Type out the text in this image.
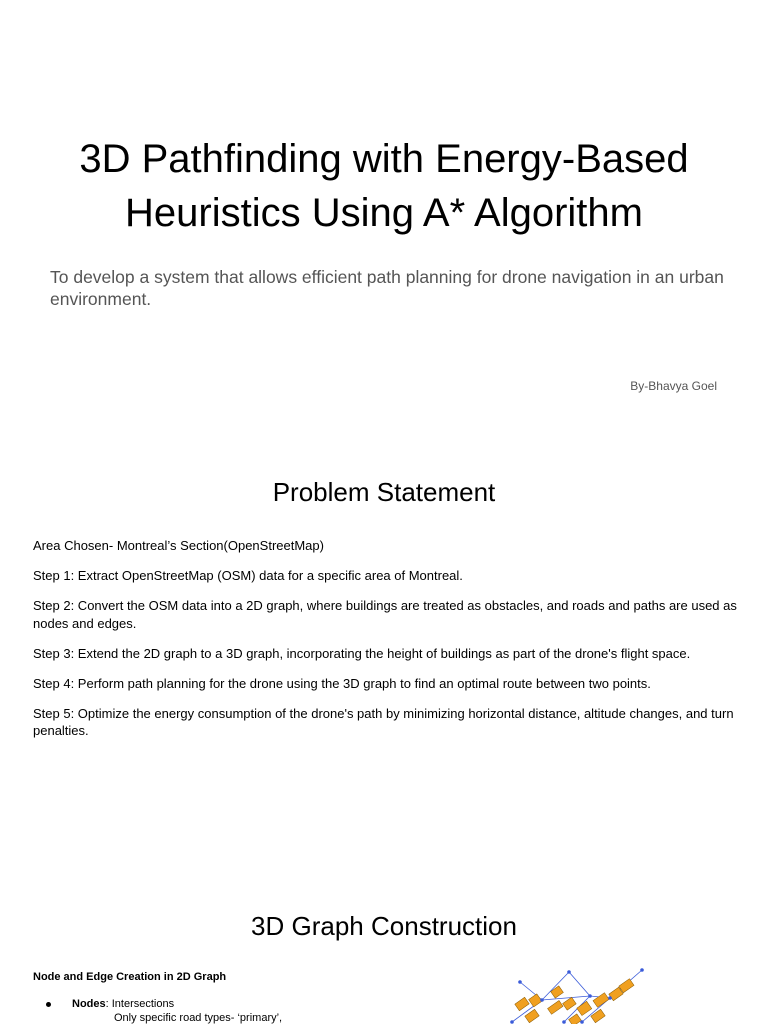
3D Pathfinding with Energy-Based
Heuristics Using A* Algorithm
To develop a system that allows efficient path planning for drone navigation in an urban environment.
By-Bhavya Goel
Problem Statement
Area Chosen- Montreal’s Section(OpenStreetMap)
Step 1: Extract OpenStreetMap (OSM) data for a specific area of Montreal.
Step 2: Convert the OSM data into a 2D graph, where buildings are treated as obstacles, and roads and paths are used as nodes and edges.
Step 3: Extend the 2D graph to a 3D graph, incorporating the height of buildings as part of the drone's flight space.
Step 4: Perform path planning for the drone using the 3D graph to find an optimal route between two points.
Step 5: Optimize the energy consumption of the drone's path by minimizing horizontal distance, altitude changes, and turn penalties.
3D Graph Construction
Node and Edge Creation in 2D Graph
Nodes: Intersections
Only specific road types- ‘primary’,
